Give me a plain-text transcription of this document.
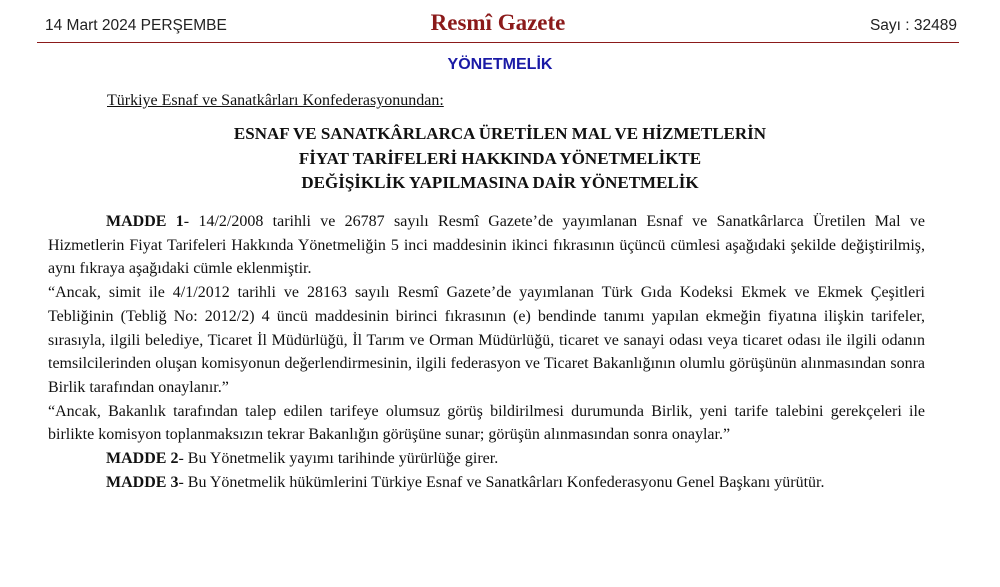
14 Mart 2024 PERŞEMBE	Resmî Gazete	Sayı : 32489
YÖNETMELİK
Türkiye Esnaf ve Sanatkârları Konfederasyonundan:
ESNAF VE SANATKÂRLARCA ÜRETİLEN MAL VE HİZMETLERİN
FİYAT TARİFELERİ HAKKINDA YÖNETMELİKTE
DEĞİŞİKLİK YAPILMASINA DAİR YÖNETMELİK

MADDE 1- 14/2/2008 tarihli ve 26787 sayılı Resmî Gazete’de yayımlanan Esnaf ve Sanatkârlarca Üretilen Mal ve Hizmetlerin Fiyat Tarifeleri Hakkında Yönetmeliğin 5 inci maddesinin ikinci fıkrasının üçüncü cümlesi aşağıdaki şekilde değiştirilmiş, aynı fıkraya aşağıdaki cümle eklenmiştir.

“Ancak, simit ile 4/1/2012 tarihli ve 28163 sayılı Resmî Gazete’de yayımlanan Türk Gıda Kodeksi Ekmek ve Ekmek Çeşitleri Tebliğinin (Tebliğ No: 2012/2) 4 üncü maddesinin birinci fıkrasının (e) bendinde tanımı yapılan ekmeğin fiyatına ilişkin tarifeler, sırasıyla, ilgili belediye, Ticaret İl Müdürlüğü, İl Tarım ve Orman Müdürlüğü, ticaret ve sanayi odası veya ticaret odası ile ilgili odanın temsilcilerinden oluşan komisyonun değerlendirmesinin, ilgili federasyon ve Ticaret Bakanlığının olumlu görüşünün alınmasından sonra Birlik tarafından onaylanır.”

“Ancak, Bakanlık tarafından talep edilen tarifeye olumsuz görüş bildirilmesi durumunda Birlik, yeni tarife talebini gerekçeleri ile birlikte komisyon toplanmaksızın tekrar Bakanlığın görüşüne sunar; görüşün alınmasından sonra onaylar.”

MADDE 2- Bu Yönetmelik yayımı tarihinde yürürlüğe girer.

MADDE 3- Bu Yönetmelik hükümlerini Türkiye Esnaf ve Sanatkârları Konfederasyonu Genel Başkanı yürütür.
